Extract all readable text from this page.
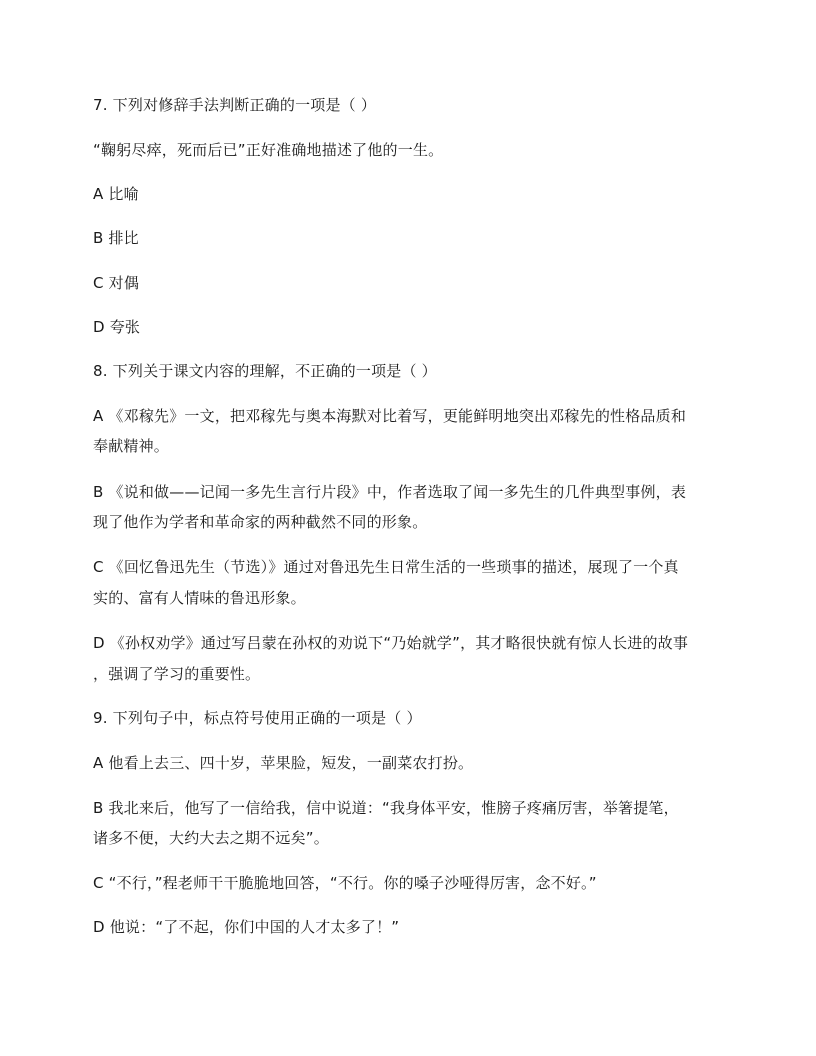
7. 下列对修辞手法判断正确的一项是（ ）
“鞠躬尽瘁，死而后已”正好准确地描述了他的一生。
A 比喻
B 排比
C 对偶
D 夸张
8. 下列关于课文内容的理解，不正确的一项是（ ）
A 《邓稼先》一文，把邓稼先与奥本海默对比着写，更能鲜明地突出邓稼先的性格品质和
奉献精神。
B 《说和做——记闻一多先生言行片段》中，作者选取了闻一多先生的几件典型事例，表
现了他作为学者和革命家的两种截然不同的形象。
C 《回忆鲁迅先生（节选）》通过对鲁迅先生日常生活的一些琐事的描述，展现了一个真
实的、富有人情味的鲁迅形象。
D 《孙权劝学》通过写吕蒙在孙权的劝说下“乃始就学”，其才略很快就有惊人长进的故事
，强调了学习的重要性。
9. 下列句子中，标点符号使用正确的一项是（ ）
A 他看上去三、四十岁，苹果脸，短发，一副菜农打扮。
B 我北来后，他写了一信给我，信中说道：“我身体平安，惟膀子疼痛厉害，举箸提笔，
诸多不便，大约大去之期不远矣”。
C “不行，”程老师干干脆脆地回答，“不行。你的嗓子沙哑得厉害，念不好。”
D 他说：“了不起，你们中国的人才太多了！”
